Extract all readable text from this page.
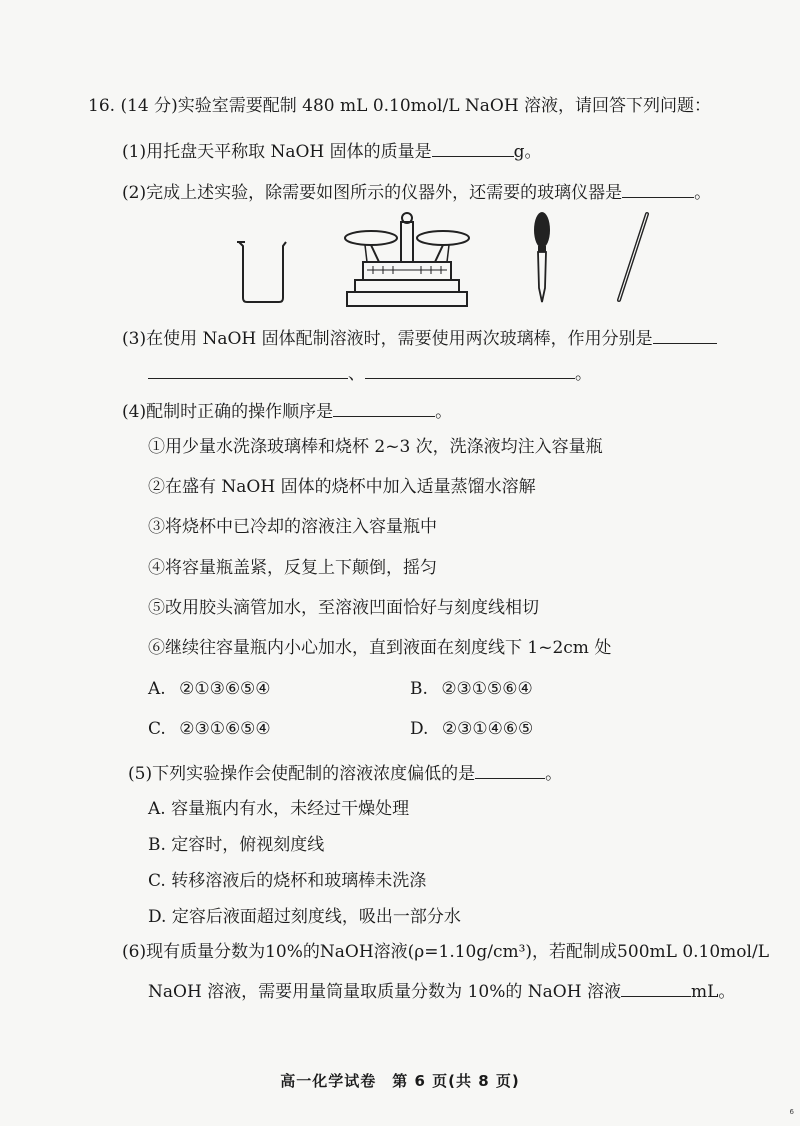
16. (14 分)实验室需要配制 480 mL 0.10mol/L NaOH 溶液，请回答下列问题：
(1)用托盘天平称取 NaOH 固体的质量是	g。
(2)完成上述实验，除需要如图所示的仪器外，还需要的玻璃仪器是	。
(3)在使用 NaOH 固体配制溶液时，需要使用两次玻璃棒，作用分别是
、	。
(4)配制时正确的操作顺序是	。
①用少量水洗涤玻璃棒和烧杯 2~3 次，洗涤液均注入容量瓶
②在盛有 NaOH 固体的烧杯中加入适量蒸馏水溶解
③将烧杯中已冷却的溶液注入容量瓶中
④将容量瓶盖紧，反复上下颠倒，摇匀
⑤改用胶头滴管加水，至溶液凹面恰好与刻度线相切
⑥继续往容量瓶内小心加水，直到液面在刻度线下 1~2cm 处
A. ②①③⑥⑤④	B. ②③①⑤⑥④
C. ②③①⑥⑤④	D. ②③①④⑥⑤
(5)下列实验操作会使配制的溶液浓度偏低的是	。
A. 容量瓶内有水，未经过干燥处理
B. 定容时，俯视刻度线
C. 转移溶液后的烧杯和玻璃棒未洗涤
D. 定容后液面超过刻度线，吸出一部分水
(6)现有质量分数为10%的NaOH溶液(ρ=1.10g/cm³)，若配制成500mL 0.10mol/L
NaOH 溶液，需要用量筒量取质量分数为 10%的 NaOH 溶液	mL。
高一化学试卷　第 6 页(共 8 页)
6
